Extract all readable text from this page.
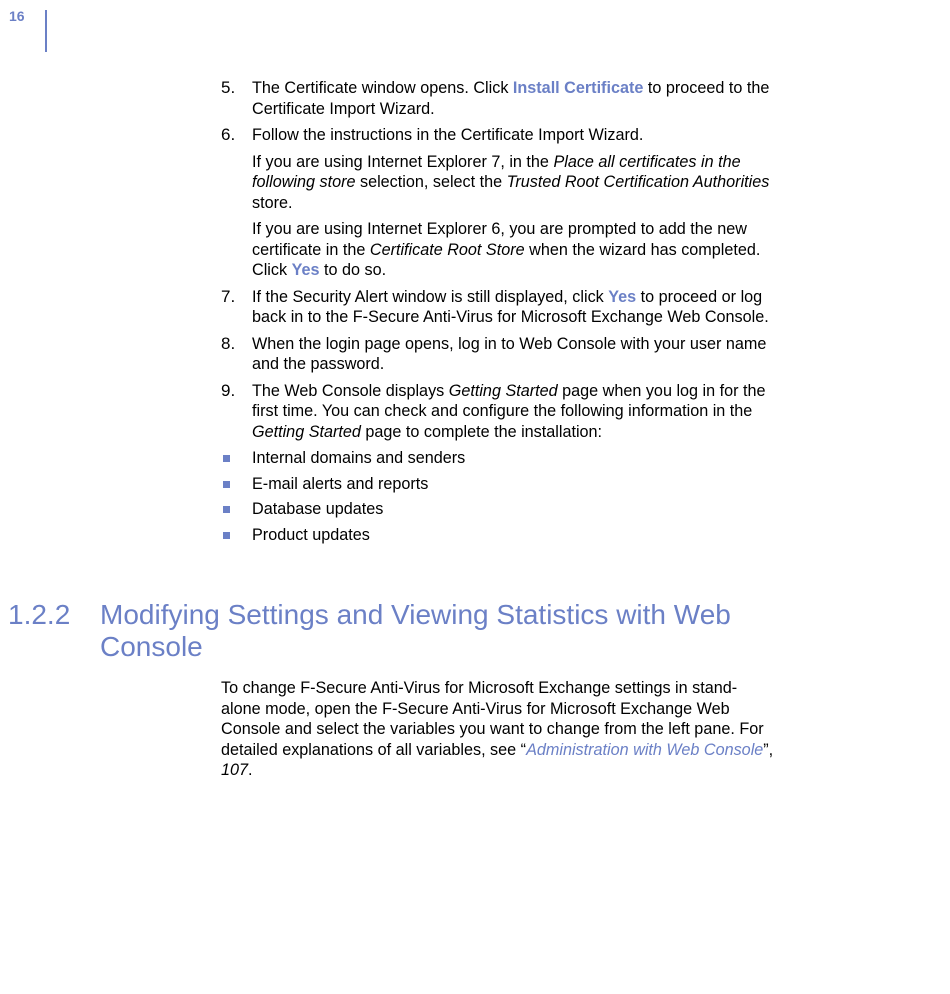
16
5. The Certificate window opens. Click Install Certificate to proceed to the Certificate Import Wizard.

6. Follow the instructions in the Certificate Import Wizard.

If you are using Internet Explorer 7, in the Place all certificates in the following store selection, select the Trusted Root Certification Authorities store.

If you are using Internet Explorer 6, you are prompted to add the new certificate in the Certificate Root Store when the wizard has completed. Click Yes to do so.

7. If the Security Alert window is still displayed, click Yes to proceed or log back in to the F-Secure Anti-Virus for Microsoft Exchange Web Console.

8. When the login page opens, log in to Web Console with your user name and the password.

9. The Web Console displays Getting Started page when you log in for the first time. You can check and configure the following information in the Getting Started page to complete the installation:

Internal domains and senders
E-mail alerts and reports
Database updates
Product updates
1.2.2 Modifying Settings and Viewing Statistics with Web Console

To change F-Secure Anti-Virus for Microsoft Exchange settings in stand-alone mode, open the F-Secure Anti-Virus for Microsoft Exchange Web Console and select the variables you want to change from the left pane. For detailed explanations of all variables, see “Administration with Web Console”, 107.
